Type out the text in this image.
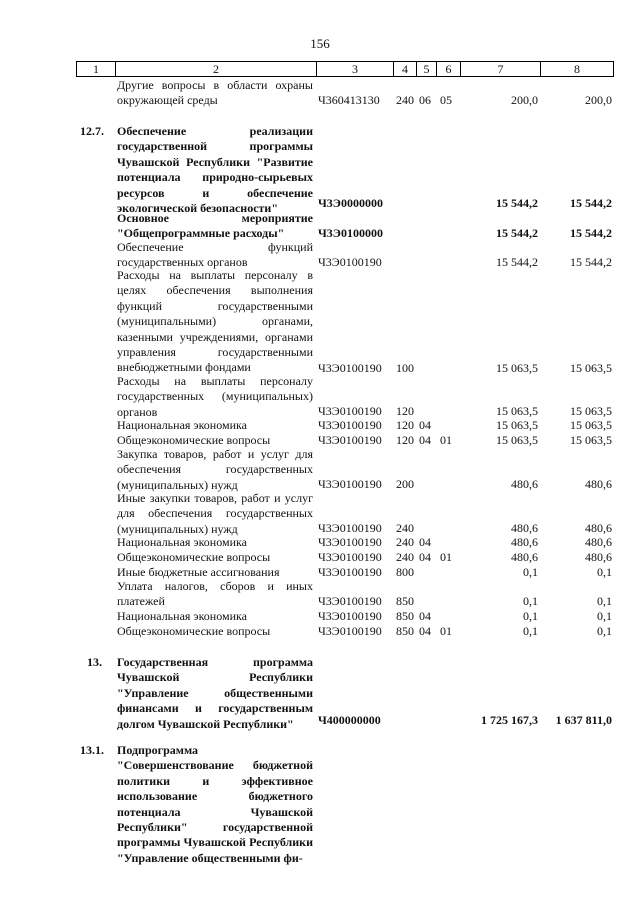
156
1	2	3	4	5	6	7	8
Другие вопросы в области охраны окружающей среды	Ч360413130 240 06 05	200,0	200,0
12.7. Обеспечение реализации государственной программы Чувашской Республики "Развитие потенциала природно-сырьевых ресурсов и обеспечение экологической безопасности"	Ч3Э0000000	15 544,2	15 544,2
Основное мероприятие "Общепрограммные расходы"	Ч3Э0100000	15 544,2	15 544,2
Обеспечение функций государственных органов	Ч3Э0100190	15 544,2	15 544,2
Расходы на выплаты персоналу в целях обеспечения выполнения функций государственными (муниципальными) органами, казенными учреждениями, органами управления государственными внебюджетными фондами	Ч3Э0100190 100	15 063,5	15 063,5
Расходы на выплаты персоналу государственных (муниципальных) органов	Ч3Э0100190 120	15 063,5	15 063,5
Национальная экономика	Ч3Э0100190 120 04	15 063,5	15 063,5
Общеэкономические вопросы	Ч3Э0100190 120 04 01	15 063,5	15 063,5
Закупка товаров, работ и услуг для обеспечения государственных (муниципальных) нужд	Ч3Э0100190 200	480,6	480,6
Иные закупки товаров, работ и услуг для обеспечения государственных (муниципальных) нужд	Ч3Э0100190 240	480,6	480,6
Национальная экономика	Ч3Э0100190 240 04	480,6	480,6
Общеэкономические вопросы	Ч3Э0100190 240 04 01	480,6	480,6
Иные бюджетные ассигнования	Ч3Э0100190 800	0,1	0,1
Уплата налогов, сборов и иных платежей	Ч3Э0100190 850	0,1	0,1
Национальная экономика	Ч3Э0100190 850 04	0,1	0,1
Общеэкономические вопросы	Ч3Э0100190 850 04 01	0,1	0,1
13. Государственная программа Чувашской Республики "Управление общественными финансами и государственным долгом Чувашской Республики"	Ч400000000	1 725 167,3	1 637 811,0
13.1. Подпрограмма "Совершенствование бюджетной политики и эффективное использование бюджетного потенциала Чувашской Республики" государственной программы Чувашской Республики "Управление общественными фи-
